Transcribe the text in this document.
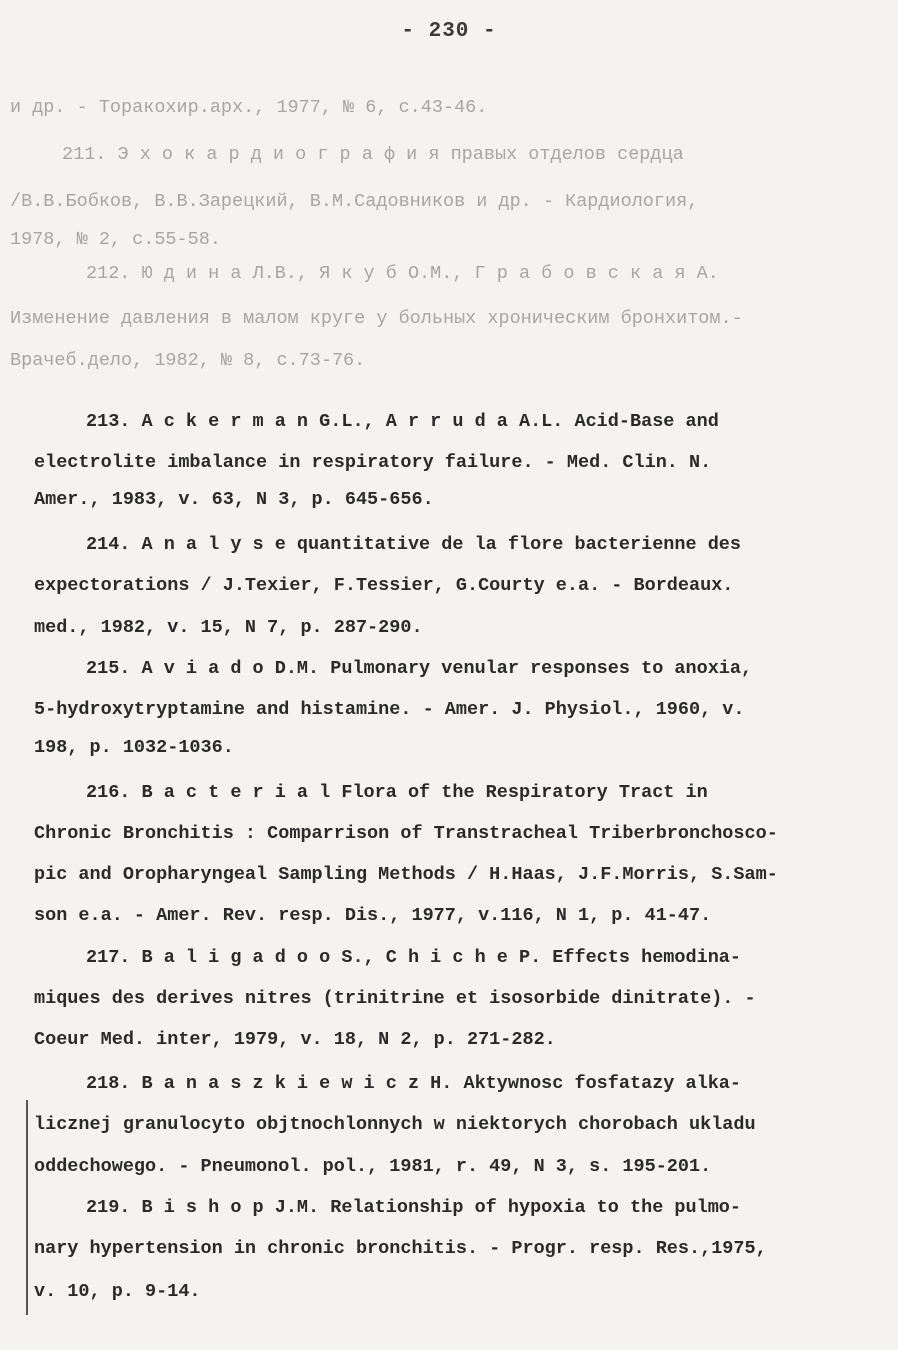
- 230 -
и др. - Торакохир.арх., 1977, № 6, с.43-46.
211. Э х о к а р д и о г р а ф и я правых отделов сердца
/В.В.Бобков, В.В.Зарецкий, В.М.Садовников и др. - Кардиология,
1978, № 2, с.55-58.
212. Ю д и н а Л.В., Я к у б О.М., Г р а б о в с к а я А.
Изменение давления в малом круге у больных хроническим бронхитом.-
Врачеб.дело, 1982, № 8, с.73-76.
213. A c k e r m a n G.L., A r r u d a A.L. Acid-Base and
electrolite imbalance in respiratory failure. - Med. Clin. N.
Amer., 1983, v. 63, N 3, p. 645-656.
214. A n a l y s e quantitative de la flore bacterienne des
expectorations / J.Texier, F.Tessier, G.Courty e.a. - Bordeaux.
med., 1982, v. 15, N 7, p. 287-290.
215. A v i a d o D.M. Pulmonary venular responses to anoxia,
5-hydroxytryptamine and histamine. - Amer. J. Physiol., 1960, v.
198, p. 1032-1036.
216. B a c t e r i a l Flora of the Respiratory Tract in
Chronic Bronchitis : Comparrison of Transtracheal Triberbronchosco-
pic and Oropharyngeal Sampling Methods / H.Haas, J.F.Morris, S.Sam-
son e.a. - Amer. Rev. resp. Dis., 1977, v.116, N 1, p. 41-47.
217. B a l i g a d o o S., C h i c h e P. Effects hemodina-
miques des derives nitres (trinitrine et isosorbide dinitrate). -
Coeur Med. inter, 1979, v. 18, N 2, p. 271-282.
218. B a n a s z k i e w i c z H. Aktywnosc fosfatazy alka-
licznej granulocyto objtnochlonnych w niektorych chorobach ukladu
oddechowego. - Pneumonol. pol., 1981, r. 49, N 3, s. 195-201.
219. B i s h o p J.M. Relationship of hypoxia to the pulmo-
nary hypertension in chronic bronchitis. - Progr. resp. Res.,1975,
v. 10, p. 9-14.
